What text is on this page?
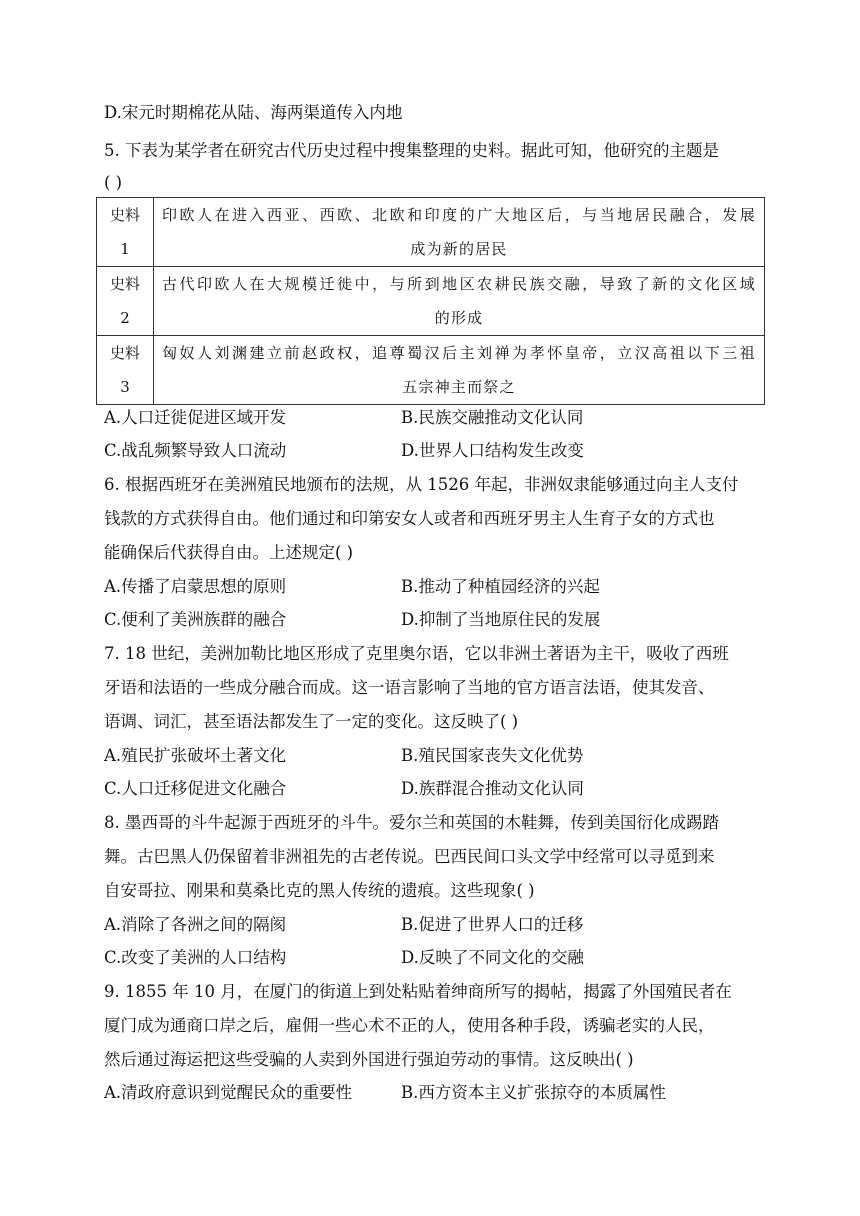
D.宋元时期棉花从陆、海两渠道传入内地
5. 下表为某学者在研究古代历史过程中搜集整理的史料。据此可知，他研究的主题是
( )
史料
1	印欧人在进入西亚、西欧、北欧和印度的广大地区后，与当地居民融合，发展
成为新的居民

史料
2	古代印欧人在大规模迁徙中，与所到地区农耕民族交融，导致了新的文化区域
的形成

史料
3	匈奴人刘渊建立前赵政权，追尊蜀汉后主刘禅为孝怀皇帝，立汉高祖以下三祖
五宗神主而祭之
A.人口迁徙促进区域开发	B.民族交融推动文化认同
C.战乱频繁导致人口流动	D.世界人口结构发生改变
6. 根据西班牙在美洲殖民地颁布的法规，从 1526 年起，非洲奴隶能够通过向主人支付
钱款的方式获得自由。他们通过和印第安女人或者和西班牙男主人生育子女的方式也
能确保后代获得自由。上述规定( )
A.传播了启蒙思想的原则	B.推动了种植园经济的兴起
C.便利了美洲族群的融合	D.抑制了当地原住民的发展
7. 18 世纪，美洲加勒比地区形成了克里奥尔语，它以非洲土著语为主干，吸收了西班
牙语和法语的一些成分融合而成。这一语言影响了当地的官方语言法语，使其发音、
语调、词汇，甚至语法都发生了一定的变化。这反映了( )
A.殖民扩张破坏土著文化	B.殖民国家丧失文化优势
C.人口迁移促进文化融合	D.族群混合推动文化认同
8. 墨西哥的斗牛起源于西班牙的斗牛。爱尔兰和英国的木鞋舞，传到美国衍化成踢踏
舞。古巴黑人仍保留着非洲祖先的古老传说。巴西民间口头文学中经常可以寻觅到来
自安哥拉、刚果和莫桑比克的黑人传统的遗痕。这些现象( )
A.消除了各洲之间的隔阂	B.促进了世界人口的迁移
C.改变了美洲的人口结构	D.反映了不同文化的交融
9. 1855 年 10 月，在厦门的街道上到处粘贴着绅商所写的揭帖，揭露了外国殖民者在
厦门成为通商口岸之后，雇佣一些心术不正的人，使用各种手段，诱骗老实的人民，
然后通过海运把这些受骗的人卖到外国进行强迫劳动的事情。这反映出( )
A.清政府意识到觉醒民众的重要性	B.西方资本主义扩张掠夺的本质属性
